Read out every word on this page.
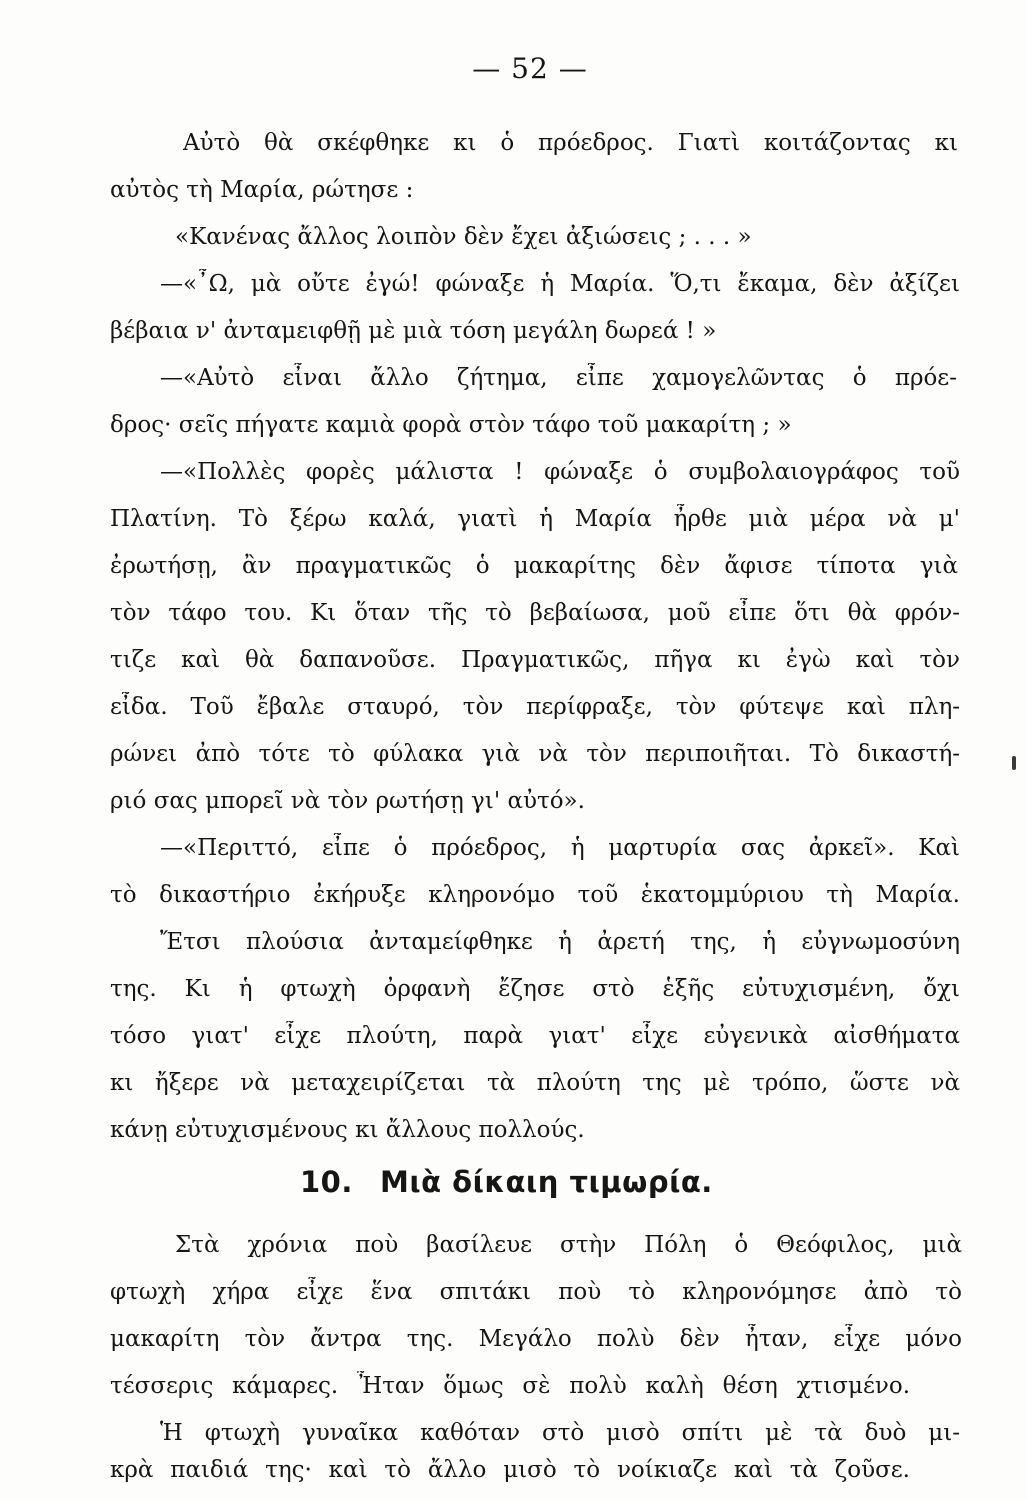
— 52 —
Αὐτὸ θὰ σκέφθηκε κι ὁ πρόεδρος. Γιατὶ κοιτάζοντας κι
αὐτὸς τὴ Μαρία, ρώτησε :
«Κανένας ἄλλος λοιπὸν δὲν ἔχει ἀξιώσεις ; . . . »
—«῏Ω, μὰ οὔτε ἐγώ! φώναξε ἡ Μαρία. Ὅ,τι ἔκαμα, δὲν ἀξίζει
βέβαια ν' ἀνταμειφθῇ μὲ μιὰ τόση μεγάλη δωρεά ! »
—«Αὐτὸ εἶναι ἄλλο ζήτημα, εἶπε χαμογελῶντας ὁ πρόε-
δρος· σεῖς πήγατε καμιὰ φορὰ στὸν τάφο τοῦ μακαρίτη ; »
—«Πολλὲς φορὲς μάλιστα ! φώναξε ὁ συμβολαιογράφος τοῦ
Πλατίνη. Τὸ ξέρω καλά, γιατὶ ἡ Μαρία ἦρθε μιὰ μέρα νὰ μ'
ἐρωτήσῃ, ἂν πραγματικῶς ὁ μακαρίτης δὲν ἄφισε τίποτα γιὰ
τὸν τάφο του. Κι ὅταν τῆς τὸ βεβαίωσα, μοῦ εἶπε ὅτι θὰ φρόν-
τιζε καὶ θὰ δαπανοῦσε. Πραγματικῶς, πῆγα κι ἐγὼ καὶ τὸν
εἶδα. Τοῦ ἔβαλε σταυρό, τὸν περίφραξε, τὸν φύτεψε καὶ πλη-
ρώνει ἀπὸ τότε τὸ φύλακα γιὰ νὰ τὸν περιποιῆται. Τὸ δικαστή-
ριό σας μπορεῖ νὰ τὸν ρωτήσῃ γι' αὐτό».
—«Περιττό, εἶπε ὁ πρόεδρος, ἡ μαρτυρία σας ἀρκεῖ». Καὶ
τὸ δικαστήριο ἐκήρυξε κληρονόμο τοῦ ἑκατομμύριου τὴ Μαρία.
Ἔτσι πλούσια ἀνταμείφθηκε ἡ ἀρετή της, ἡ εὐγνωμοσύνη
της. Κι ἡ φτωχὴ ὀρφανὴ ἔζησε στὸ ἑξῆς εὐτυχισμένη, ὄχι
τόσο γιατ' εἶχε πλούτη, παρὰ γιατ' εἶχε εὐγενικὰ αἰσθήματα
κι ἤξερε νὰ μεταχειρίζεται τὰ πλούτη της μὲ τρόπο, ὥστε νὰ
κάνῃ εὐτυχισμένους κι ἄλλους πολλούς.
10. Μιὰ δίκαιη τιμωρία.
Στὰ χρόνια ποὺ βασίλευε στὴν Πόλη ὁ Θεόφιλος, μιὰ
φτωχὴ χήρα εἶχε ἕνα σπιτάκι ποὺ τὸ κληρονόμησε ἀπὸ τὸ
μακαρίτη τὸν ἄντρα της. Μεγάλο πολὺ δὲν ἦταν, εἶχε μόνο
τέσσερις κάμαρες. Ἦταν ὅμως σὲ πολὺ καλὴ θέση χτισμένο.
Ἡ φτωχὴ γυναῖκα καθόταν στὸ μισὸ σπίτι μὲ τὰ δυὸ μι-
κρὰ παιδιά της· καὶ τὸ ἄλλο μισὸ τὸ νοίκιαζε καὶ τὰ ζοῦσε.
